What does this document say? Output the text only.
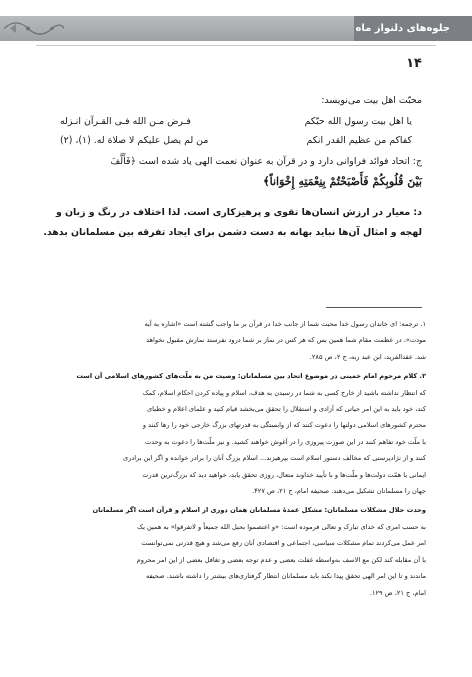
جلوه‌های دلنواز ماه
۱۴
محبّت اهل بیت می‌نویسد:
یا اهل بیت رسول الله حبّکم
فـرض مـن الله فـی القـرآن انـزله
کفاکم من عظیم القدر انکم
من لم یصل علیکم لا صلاة له. (۱)، (۲)
ج: اتحاد فوائد فراوانی دارد و در قرآن به عنوان نعمت الهی یاد شده است ﴿فَأَلَّفَ
بَيْنَ قُلُوبِكُمْ فَأَصْبَحْتُمْ بِنِعْمَتِهِ إِخْوَاناً﴾
د: معیار در ارزش انسان‌ها تقوی و پرهیزکاری است. لذا اختلاف در رنگ و زبان و
لهجه و امثال آن‌ها نباید بهانه به دست دشمن برای ایجاد تفرقه بین مسلمانان بدهد.
۱. ترجمه: ای خاندان رسول خدا محبت شما از جانب خدا در قرآن بر ما واجب گشته است «اشاره به آیه
مودت»، در عظمت مقام شما همین بس که هر کس در نماز بر شما درود نفرستد نمازش مقبول نخواهد
شد. عقدالفرید، ابن عبد ربه، ج ۲، ص ۲۸۵.
۲. کلام مرحوم امام خمینی در موضوع اتحاد بین مسلمانان: وصیت من به ملّت‌های کشورهای اسلامی آن است
که انتظار نداشته باشید از خارج کسی به شما در رسیدن به هدف، اسلام و پیاده کردن احکام اسلام، کمک
کند، خود باید به این امر حیاتی که آزادی و استقلال را تحقق می‌بخشد قیام کنید و علمای اعلام و خطبای
محترم کشورهای اسلامی دولتها را دعوت کنند که از وابستگی به قدرتهای بزرگ خارجی خود را رها کنند و
با ملّت خود تفاهم کنند در این صورت پیروزی را در آغوش خواهند کشید. و نیز ملّت‌ها را دعوت به وحدت
کنند و از نژادپرستی که مخالف دستور اسلام است بپرهیزند... اسلام بزرگ آنان را برادر خوانده و اگر این برادری
ایمانی با همّت دولت‌ها و ملّت‌ها و با تأیید خداوند متعال، روزی تحقق یابد، خواهید دید که بزرگ‌ترین قدرت
جهان را مسلمانان تشکیل می‌دهند. صحیفه امام، ج ۲۱، ص ۴۲۷.
وحدت حلال مشکلات مسلمانان: مشکل عمدهٔ مسلمانان همان دوری از اسلام و قرآن است اگر مسلمانان
به حسب امری که خدای تبارک و تعالی فرموده است: «و اعتصموا بحبل الله جمیعاً و لاتفرقوا» به همین یک
امر عمل می‌کردند تمام مشکلات سیاسی، اجتماعی و اقتصادی آنان رفع می‌شد و هیچ قدرتی نمی‌توانست
با آن مقابله کند لکن مع الاسف به‌واسطه غفلت بعضی و عدم توجه بعضی و تغافل بعضی از این امر محروم
ماندند و تا این امر الهی تحقق پیدا نکند باید مسلمانان انتظار گرفتاری‌های بیشتر را داشته باشند. صحیفه
امام، ج ۲۱، ص ۱۲۹.
